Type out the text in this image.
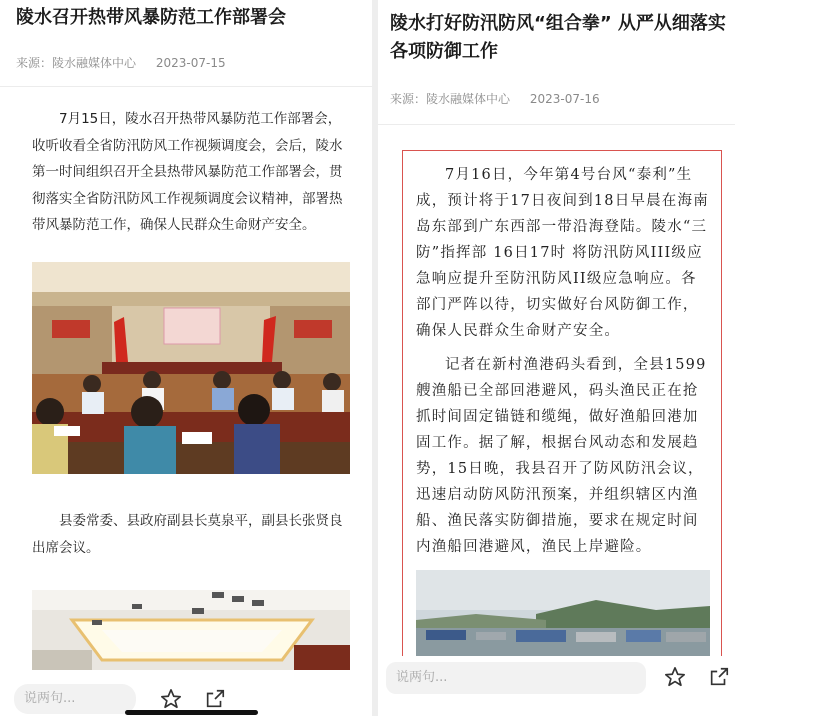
陵水召开热带风暴防范工作部署会
来源：陵水融媒体中心 2023-07-15

7月15日，陵水召开热带风暴防范工作部署会，收听收看全省防汛防风工作视频调度会，会后，陵水第一时间组织召开全县热带风暴防范工作部署会，贯彻落实全省防汛防风工作视频调度会议精神，部署热带风暴防范工作，确保人民群众生命财产安全。

县委常委、县政府副县长莫泉平，副县长张贤良出席会议。

说两句...
陵水打好防汛防风“组合拳” 从严从细落实各项防御工作
来源：陵水融媒体中心 2023-07-16

7月16日，今年第4号台风“泰利”生成，预计将于17日夜间到18日早晨在海南岛东部到广东西部一带沿海登陆。陵水“三防”指挥部 16日17时 将防汛防风III级应急响应提升至防汛防风II级应急响应。各部门严阵以待，切实做好台风防御工作，确保人民群众生命财产安全。

记者在新村渔港码头看到，全县1599艘渔船已全部回港避风，码头渔民正在抢抓时间固定锚链和缆绳，做好渔船回港加固工作。据了解，根据台风动态和发展趋势，15日晚，我县召开了防风防汛会议，迅速启动防风防汛预案，并组织辖区内渔船、渔民落实防御措施，要求在规定时间内渔船回港避风，渔民上岸避险。

说两句...
